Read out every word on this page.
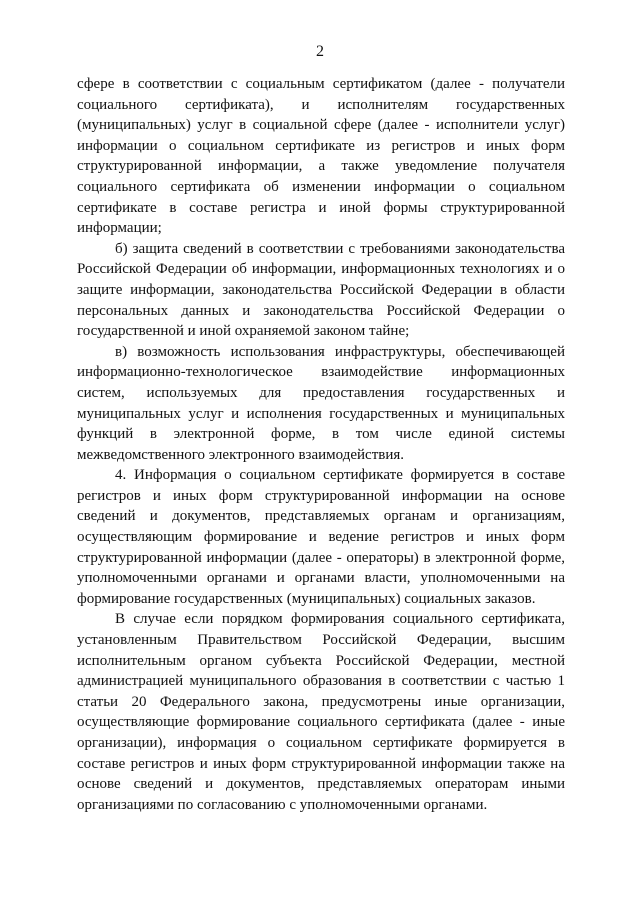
2

сфере в соответствии с социальным сертификатом (далее - получатели социального сертификата), и исполнителям государственных (муниципальных) услуг в социальной сфере (далее - исполнители услуг) информации о социальном сертификате из регистров и иных форм структурированной информации, а также уведомление получателя социального сертификата об изменении информации о социальном сертификате в составе регистра и иной формы структурированной информации;

б) защита сведений в соответствии с требованиями законодательства Российской Федерации об информации, информационных технологиях и о защите информации, законодательства Российской Федерации в области персональных данных и законодательства Российской Федерации о государственной и иной охраняемой законом тайне;

в) возможность использования инфраструктуры, обеспечивающей информационно-технологическое взаимодействие информационных систем, используемых для предоставления государственных и муниципальных услуг и исполнения государственных и муниципальных функций в электронной форме, в том числе единой системы межведомственного электронного взаимодействия.

4. Информация о социальном сертификате формируется в составе регистров и иных форм структурированной информации на основе сведений и документов, представляемых органам и организациям, осуществляющим формирование и ведение регистров и иных форм структурированной информации (далее - операторы) в электронной форме, уполномоченными органами и органами власти, уполномоченными на формирование государственных (муниципальных) социальных заказов.

В случае если порядком формирования социального сертификата, установленным Правительством Российской Федерации, высшим исполнительным органом субъекта Российской Федерации, местной администрацией муниципального образования в соответствии с частью 1 статьи 20 Федерального закона, предусмотрены иные организации, осуществляющие формирование социального сертификата (далее - иные организации), информация о социальном сертификате формируется в составе регистров и иных форм структурированной информации также на основе сведений и документов, представляемых операторам иными организациями по согласованию с уполномоченными органами.
